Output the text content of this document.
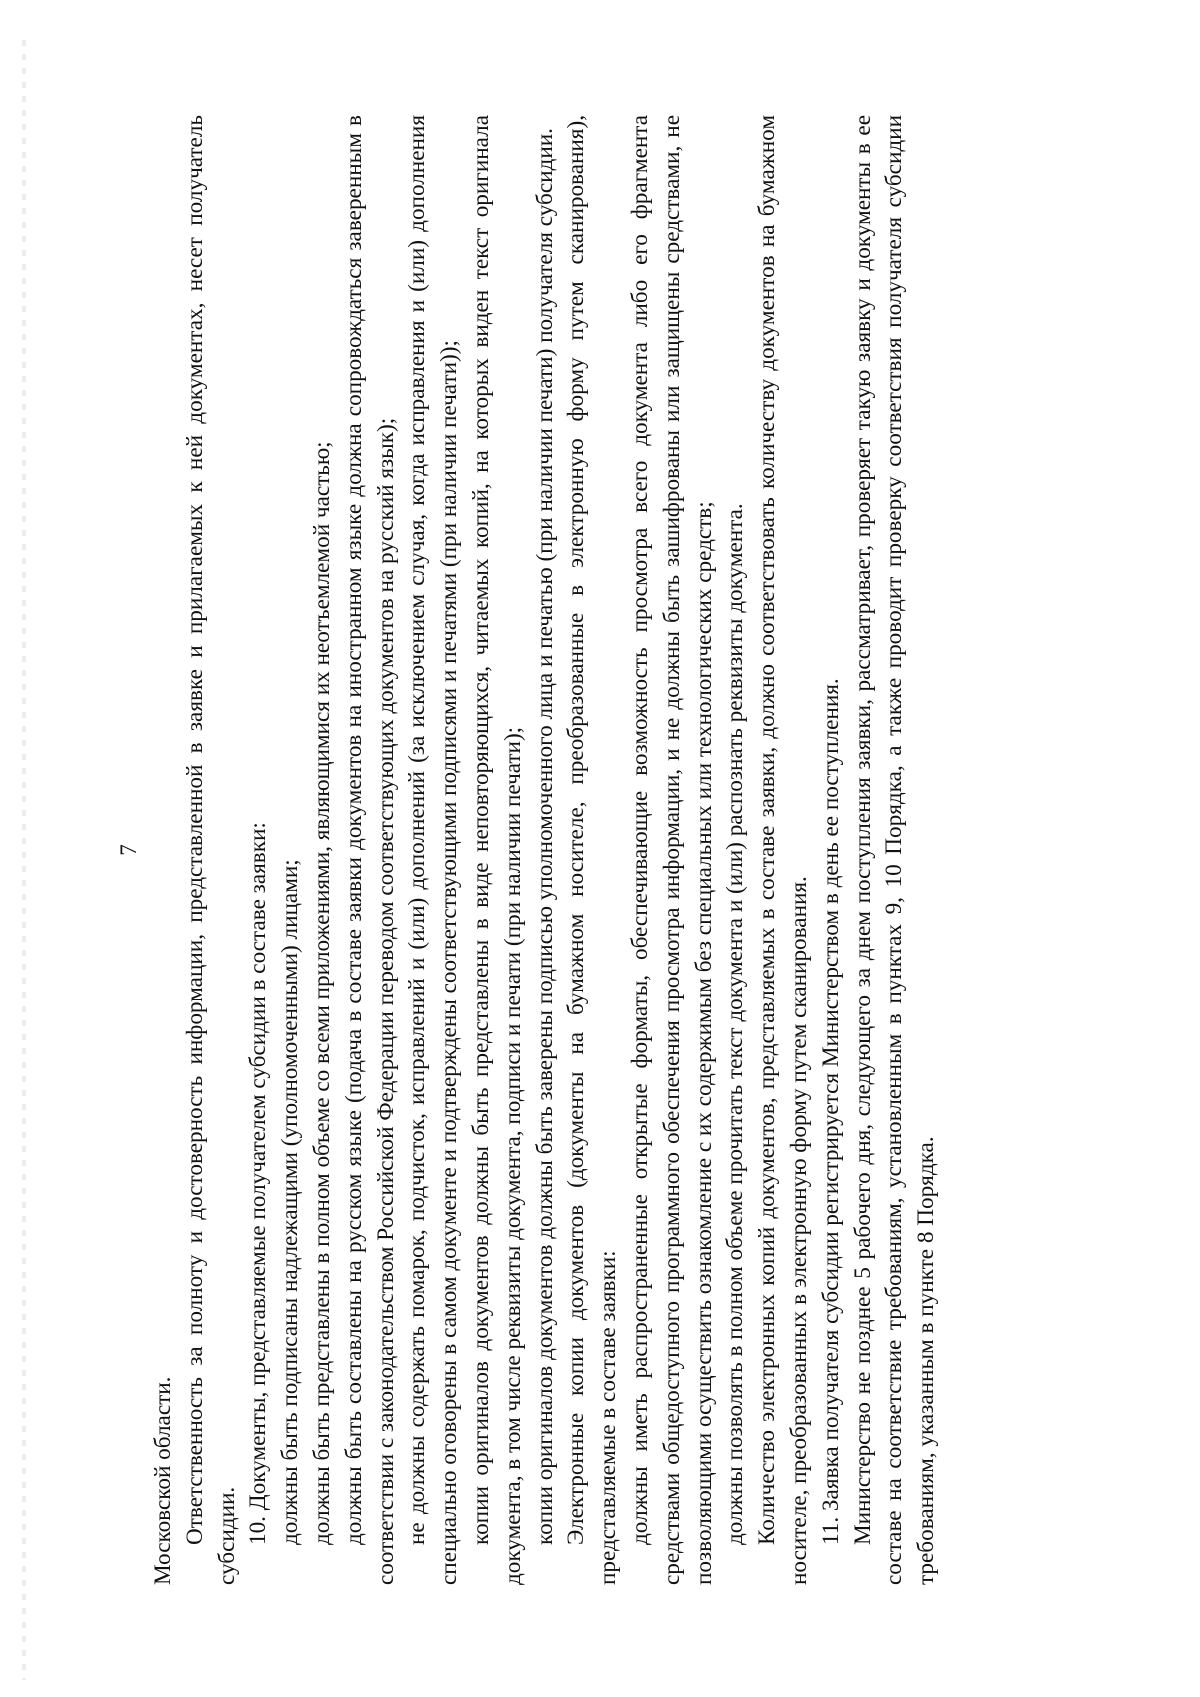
7

Московской области. Ответственность за полноту и достоверность информации, представленной в заявке и прилагаемых к ней документах, несет получатель субсидии. 10. Документы, представляемые получателем субсидии в составе заявки: должны быть подписаны надлежащими (уполномоченными) лицами; должны быть представлены в полном объеме со всеми приложениями, являющимися их неотъемлемой частью; должны быть составлены на русском языке (подача в составе заявки документов на иностранном языке должна сопровождаться заверенным в соответствии с законодательством Российской Федерации переводом соответствующих документов на русский язык); не должны содержать помарок, подчисток, исправлений и (или) дополнений (за исключением случая, когда исправления и (или) дополнения специально оговорены в самом документе и подтверждены соответствующими подписями и печатями (при наличии печати)); копии оригиналов документов должны быть представлены в виде неповторяющихся, читаемых копий, на которых виден текст оригинала документа, в том числе реквизиты документа, подписи и печати (при наличии печати); копии оригиналов документов должны быть заверены подписью уполномоченного лица и печатью (при наличии печати) получателя субсидии. Электронные копии документов (документы на бумажном носителе, преобразованные в электронную форму путем сканирования), представляемые в составе заявки: должны иметь распространенные открытые форматы, обеспечивающие возможность просмотра всего документа либо его фрагмента средствами общедоступного программного обеспечения просмотра информации, и не должны быть зашифрованы или защищены средствами, не позволяющими осуществить ознакомление с их содержимым без специальных или технологических средств; должны позволять в полном объеме прочитать текст документа и (или) распознать реквизиты документа. Количество электронных копий документов, представляемых в составе заявки, должно соответствовать количеству документов на бумажном носителе, преобразованных в электронную форму путем сканирования. 11. Заявка получателя субсидии регистрируется Министерством в день ее поступления. Министерство не позднее 5 рабочего дня, следующего за днем поступления заявки, рассматривает, проверяет такую заявку и документы в ее составе на соответствие требованиям, установленным в пунктах 9, 10 Порядка, а также проводит проверку соответствия получателя субсидии требованиям, указанным в пункте 8 Порядка.
